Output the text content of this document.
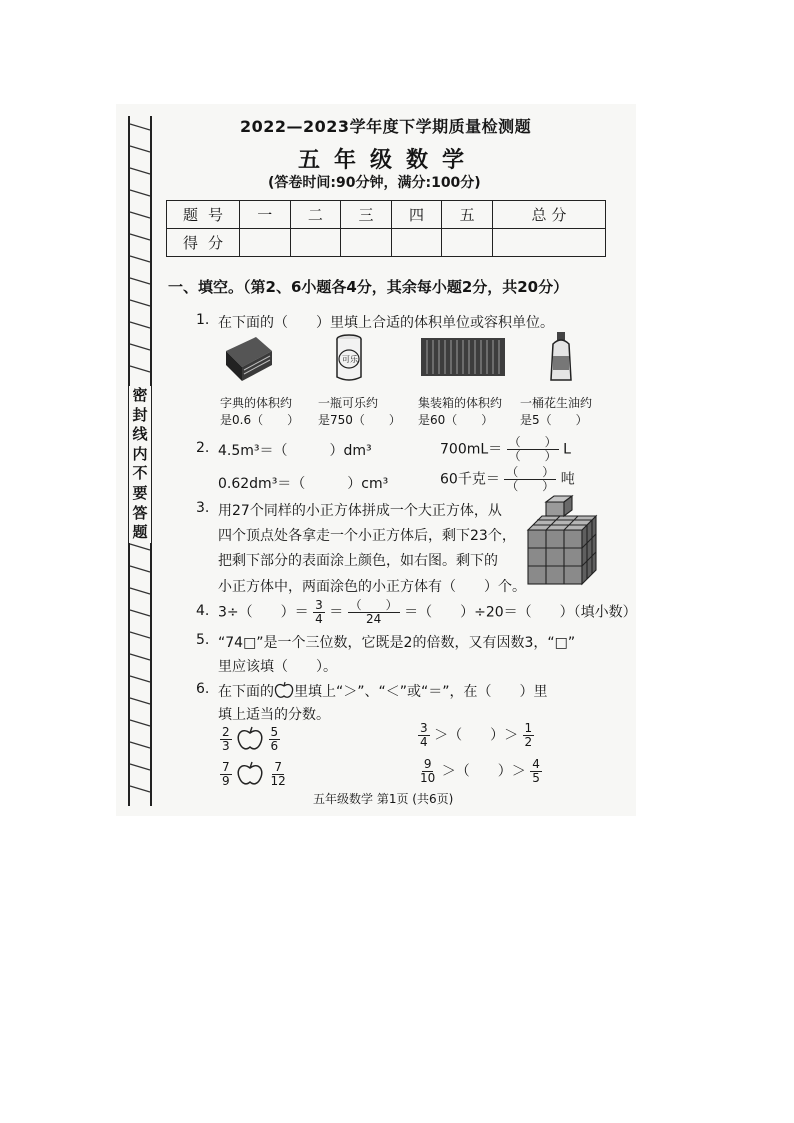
密
封
线
内
不
要
答
题
2022—2023学年度下学期质量检测题
五年级数学
(答卷时间:90分钟，满分:100分)
题号	一	二	三	四	五	总 分
得分						
一、填空。（第2、6小题各4分，其余每小题2分，共20分）
1. 在下面的（　　）里填上合适的体积单位或容积单位。
可乐
字典的体积约
是0.6（　　）
一瓶可乐约
是750（　　）
集装箱的体积约
是60（　　）
一桶花生油约
是5（　　）
2. 4.5m³＝（　　　）dm³	$700mL= \frac{( )}{( )}$ L
0.62dm³＝（　　　）cm³	60千克＝ $\frac{( )}{( )}$ 吨
3. 用27个同样的小正方体拼成一个大正方体，从
四个顶点处各拿走一个小正方体后，剩下23个，
把剩下部分的表面涂上颜色，如右图。剩下的
小正方体中，两面涂色的小正方体有（　　）个。
4. 3÷（　　）＝ $\frac{3}{4} = \frac{( )}{24}$ ＝（　　）÷20＝（　　）（填小数）
5. “74□”是一个三位数，它既是2的倍数，又有因数3，“□”
里应该填（　　）。
6. 在下面的 里填上“＞”、“＜”或“＝”，在（　　）里
填上适当的分数。
$\frac{2}{3}$
	$\frac{5}{6}$
$\frac{7}{9}$
	$\frac{7}{12}$
$\frac{3}{4}$ ＞（　　）＞ $\frac{1}{2}$
$\frac{9}{10}$ ＞（　　）＞ $\frac{4}{5}$
五年级数学 第1页 (共6页)
